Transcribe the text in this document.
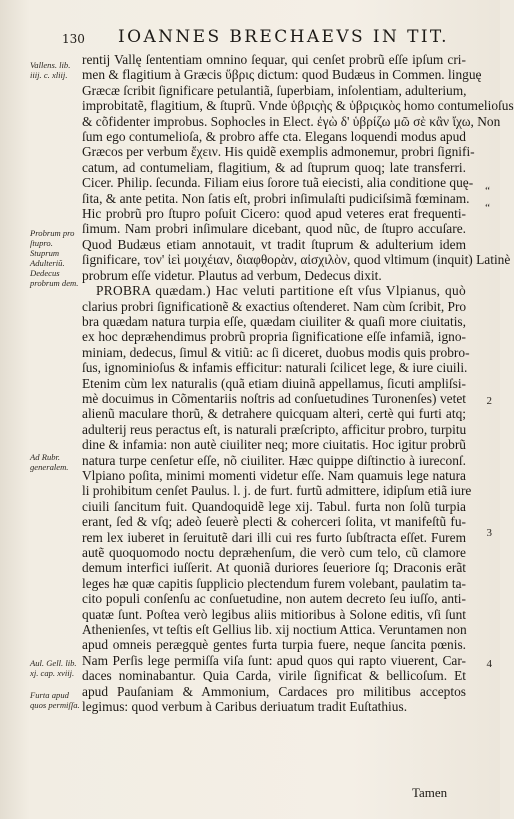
130 IOANNES BRECHAEVS IN TIT.
Vallens. lib. iiij. c. xliij.
Probrum pro ſtupro. Stuprum Adulteriũ. Dedecus probrum dem.
Ad Rubr. generalem.
Aul. Gell. lib. xj. cap. xviij.
Furta apud quos permiſſa.
“
“
2
3
4
rentij Vallę ſententiam omnino ſequar, qui cenſet probrũ eſſe ipſum cri-
men & flagitium à Græcis ὕβρις dictum: quod Budæus in Commen. linguę
Græcæ ſcribit ſignificare petulantiã, ſuperbiam, inſolentiam, adulterium,
improbitatẽ, flagitium, & ſtuprũ. Vnde ὑβριςὴς & ὑβριςικὸς homo contumelioſus
& cõfidenter improbus. Sophocles in Elect. ἐγὼ δ' ὑβρίζω μῶ σὲ κἂν ἴχω, Non
ſum ego contumelioſa, & probro affe cta. Elegans loquendi modus apud
Græcos per verbum ἔχειν. His quidẽ exemplis admonemur, probri ſignifi-
catum, ad contumeliam, flagitium, & ad ſtuprum quoq; late transferri.
Cicer. Philip. ſecunda. Filiam eius ſorore tuã eiecisti, alia conditione quę-
ſita, & ante petita. Non ſatis eſt, probri inſimulaſti pudiciſsimã fœminam.
Hic probrũ pro ſtupro poſuit Cicero: quod apud veteres erat frequenti-
ſimum. Nam probri inſimulare dicebant, quod nũc, de ſtupro accuſare.
Quod Budæus etiam annotauit, vt tradit ſtuprum & adulterium idem
ſignificare, τον' ἰεὶ μοιχέιαν, διαφθορὰν, αἰσχιλὸν, quod vltimum (inquit) Latinè
probrum eſſe videtur. Plautus ad verbum, Dedecus dixit.
PROBRA quædam.) Hac veluti partitione eſt vſus Vlpianus, quò
clarius probri ſignificationẽ & exactius oſtenderet. Nam cùm ſcribit, Pro
bra quædam natura turpia eſſe, quædam ciuiliter & quaſi more ciuitatis,
ex hoc depræhendimus probrũ propria ſignificatione eſſe infamiã, igno-
miniam, dedecus, ſimul & vitiũ: ac ſi diceret, duobus modis quis probro-
ſus, ignominioſus & infamis efficitur: naturali ſcilicet lege, & iure ciuili.
Etenim cùm lex naturalis (quã etiam diuinã appellamus, ſicuti ampliſsi-
mè docuimus in Cõmentariis noſtris ad conſuetudines Turonenſes) vetet
alienũ maculare thorũ, & detrahere quicquam alteri, certè qui furti atq;
adulterij reus peractus eſt, is naturali præſcripto, afficitur probro, turpitu
dine & infamia: non autè ciuiliter neq; more ciuitatis. Hoc igitur probrũ
natura turpe cenſetur eſſe, nõ ciuiliter. Hæc quippe diſtinctio à iureconſ.
Vlpiano poſita, minimi momenti videtur eſſe. Nam quamuis lege natura
li prohibitum cenſet Paulus. l. j. de furt. furtũ admittere, idipſum etiã iure
ciuili ſancitum fuit. Quandoquidẽ lege xij. Tabul. furta non ſolũ turpia
erant, ſed & vſq; adeò ſeuerè plecti & coherceri ſolita, vt manifeſtũ fu-
rem lex iuberet in ſeruitutẽ dari illi cui res furto ſubſtracta eſſet. Furem
autẽ quoquomodo noctu depræhenſum, die verò cum telo, cũ clamore
demum interfici iuſſerit. At quoniã duriores ſeueriore ſq; Draconis erãt
leges hæ quæ capitis ſupplicio plectendum furem volebant, paulatim ta-
cito populi conſenſu ac conſuetudine, non autem decreto ſeu iuſſo, anti-
quatæ ſunt. Poſtea verò legibus aliis mitioribus à Solone editis, vſi ſunt
Athenienſes, vt teſtis eſt Gellius lib. xij noctium Attica. Veruntamen non
apud omneis perægquè gentes furta turpia fuere, neque ſancita pœnis.
Nam Perſis lege permiſſa viſa ſunt: apud quos qui rapto viuerent, Car-
daces nominabantur. Quia Carda, virile ſignificat & bellicoſum. Et
apud Pauſaniam & Ammonium, Cardaces pro militibus acceptos
legimus: quod verbum à Caribus deriuatum tradit Euſtathius.
Tamen
